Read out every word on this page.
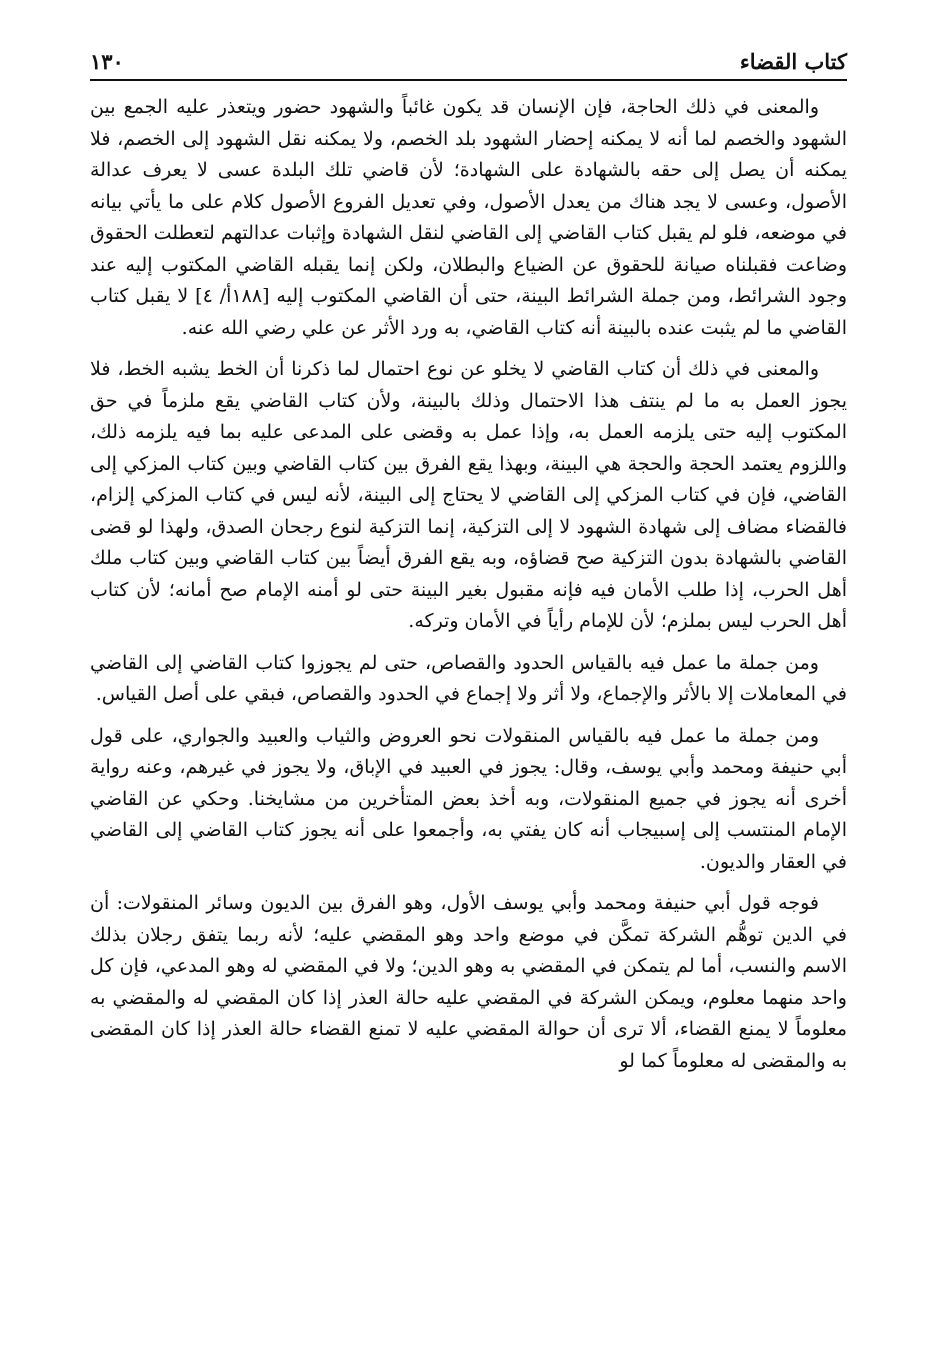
كتاب القضاء
١٣٠

والمعنى في ذلك الحاجة، فإن الإنسان قد يكون غائباً والشهود حضور ويتعذر عليه الجمع بين الشهود والخصم لما أنه لا يمكنه إحضار الشهود بلد الخصم، ولا يمكنه نقل الشهود إلى الخصم، فلا يمكنه أن يصل إلى حقه بالشهادة على الشهادة؛ لأن قاضي تلك البلدة عسى لا يعرف عدالة الأصول، وعسى لا يجد هناك من يعدل الأصول، وفي تعديل الفروع الأصول كلام على ما يأتي بيانه في موضعه، فلو لم يقبل كتاب القاضي إلى القاضي لنقل الشهادة وإثبات عدالتهم لتعطلت الحقوق وضاعت فقبلناه صيانة للحقوق عن الضياع والبطلان، ولكن إنما يقبله القاضي المكتوب إليه عند وجود الشرائط، ومن جملة الشرائط البينة، حتى أن القاضي المكتوب إليه [١٨٨أ/ ٤] لا يقبل كتاب القاضي ما لم يثبت عنده بالبينة أنه كتاب القاضي، به ورد الأثر عن علي رضي الله عنه.

والمعنى في ذلك أن كتاب القاضي لا يخلو عن نوع احتمال لما ذكرنا أن الخط يشبه الخط، فلا يجوز العمل به ما لم ينتف هذا الاحتمال وذلك بالبينة، ولأن كتاب القاضي يقع ملزماً في حق المكتوب إليه حتى يلزمه العمل به، وإذا عمل به وقضى على المدعى عليه بما فيه يلزمه ذلك، واللزوم يعتمد الحجة والحجة هي البينة، وبهذا يقع الفرق بين كتاب القاضي وبين كتاب المزكي إلى القاضي، فإن في كتاب المزكي إلى القاضي لا يحتاج إلى البينة، لأنه ليس في كتاب المزكي إلزام، فالقضاء مضاف إلى شهادة الشهود لا إلى التزكية، إنما التزكية لنوع رجحان الصدق، ولهذا لو قضى القاضي بالشهادة بدون التزكية صح قضاؤه، وبه يقع الفرق أيضاً بين كتاب القاضي وبين كتاب ملك أهل الحرب، إذا طلب الأمان فيه فإنه مقبول بغير البينة حتى لو أمنه الإمام صح أمانه؛ لأن كتاب أهل الحرب ليس بملزم؛ لأن للإمام رأياً في الأمان وتركه.

ومن جملة ما عمل فيه بالقياس الحدود والقصاص، حتى لم يجوزوا كتاب القاضي إلى القاضي في المعاملات إلا بالأثر والإجماع، ولا أثر ولا إجماع في الحدود والقصاص، فبقي على أصل القياس.

ومن جملة ما عمل فيه بالقياس المنقولات نحو العروض والثياب والعبيد والجواري، على قول أبي حنيفة ومحمد وأبي يوسف، وقال: يجوز في العبيد في الإباق، ولا يجوز في غيرهم، وعنه رواية أخرى أنه يجوز في جميع المنقولات، وبه أخذ بعض المتأخرين من مشايخنا. وحكي عن القاضي الإمام المنتسب إلى إسبيجاب أنه كان يفتي به، وأجمعوا على أنه يجوز كتاب القاضي إلى القاضي في العقار والديون.

فوجه قول أبي حنيفة ومحمد وأبي يوسف الأول، وهو الفرق بين الديون وسائر المنقولات: أن في الدين توهُّم الشركة تمكَّن في موضع واحد وهو المقضي عليه؛ لأنه ربما يتفق رجلان بذلك الاسم والنسب، أما لم يتمكن في المقضي به وهو الدين؛ ولا في المقضي له وهو المدعي، فإن كل واحد منهما معلوم، ويمكن الشركة في المقضي عليه حالة العذر إذا كان المقضي له والمقضي به معلوماً لا يمنع القضاء، ألا ترى أن حوالة المقضي عليه لا تمنع القضاء حالة العذر إذا كان المقضى به والمقضى له معلوماً كما لو
